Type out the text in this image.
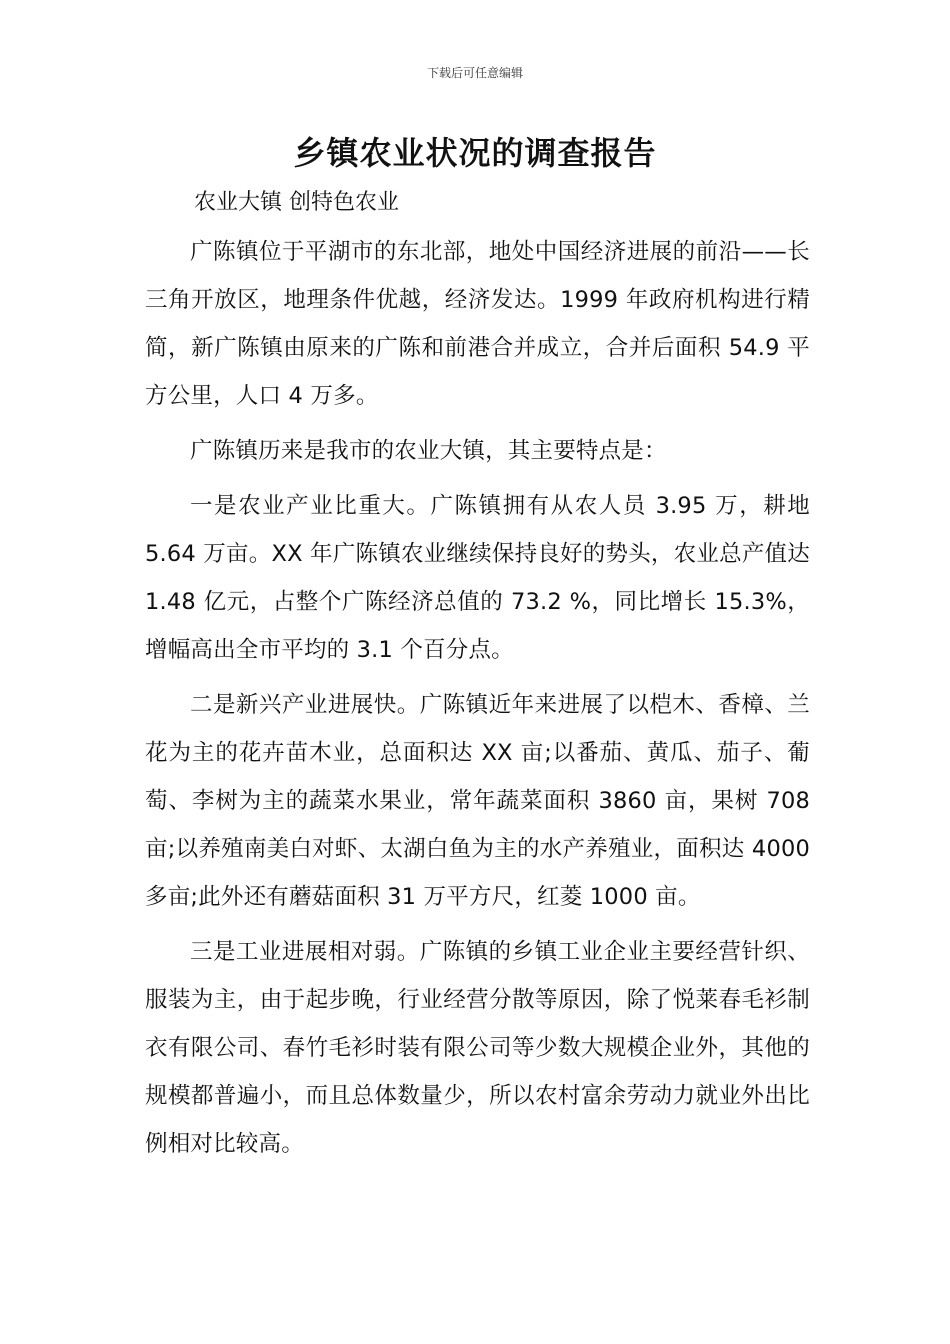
下载后可任意编辑
乡镇农业状况的调查报告

农业大镇 创特色农业

广陈镇位于平湖市的东北部，地处中国经济进展的前沿——长三角开放区，地理条件优越，经济发达。1999 年政府机构进行精简，新广陈镇由原来的广陈和前港合并成立，合并后面积 54.9 平方公里，人口 4 万多。

广陈镇历来是我市的农业大镇，其主要特点是：

一是农业产业比重大。广陈镇拥有从农人员 3.95 万，耕地 5.64 万亩。XX 年广陈镇农业继续保持良好的势头，农业总产值达 1.48 亿元，占整个广陈经济总值的 73.2 %，同比增长 15.3%，增幅高出全市平均的 3.1 个百分点。

二是新兴产业进展快。广陈镇近年来进展了以桤木、香樟、兰花为主的花卉苗木业，总面积达 XX 亩;以番茄、黄瓜、茄子、葡萄、李树为主的蔬菜水果业，常年蔬菜面积 3860 亩，果树 708 亩;以养殖南美白对虾、太湖白鱼为主的水产养殖业，面积达 4000 多亩;此外还有蘑菇面积 31 万平方尺，红菱 1000 亩。

三是工业进展相对弱。广陈镇的乡镇工业企业主要经营针织、服装为主，由于起步晚，行业经营分散等原因，除了悦莱春毛衫制衣有限公司、春竹毛衫时装有限公司等少数大规模企业外，其他的规模都普遍小，而且总体数量少，所以农村富余劳动力就业外出比例相对比较高。
